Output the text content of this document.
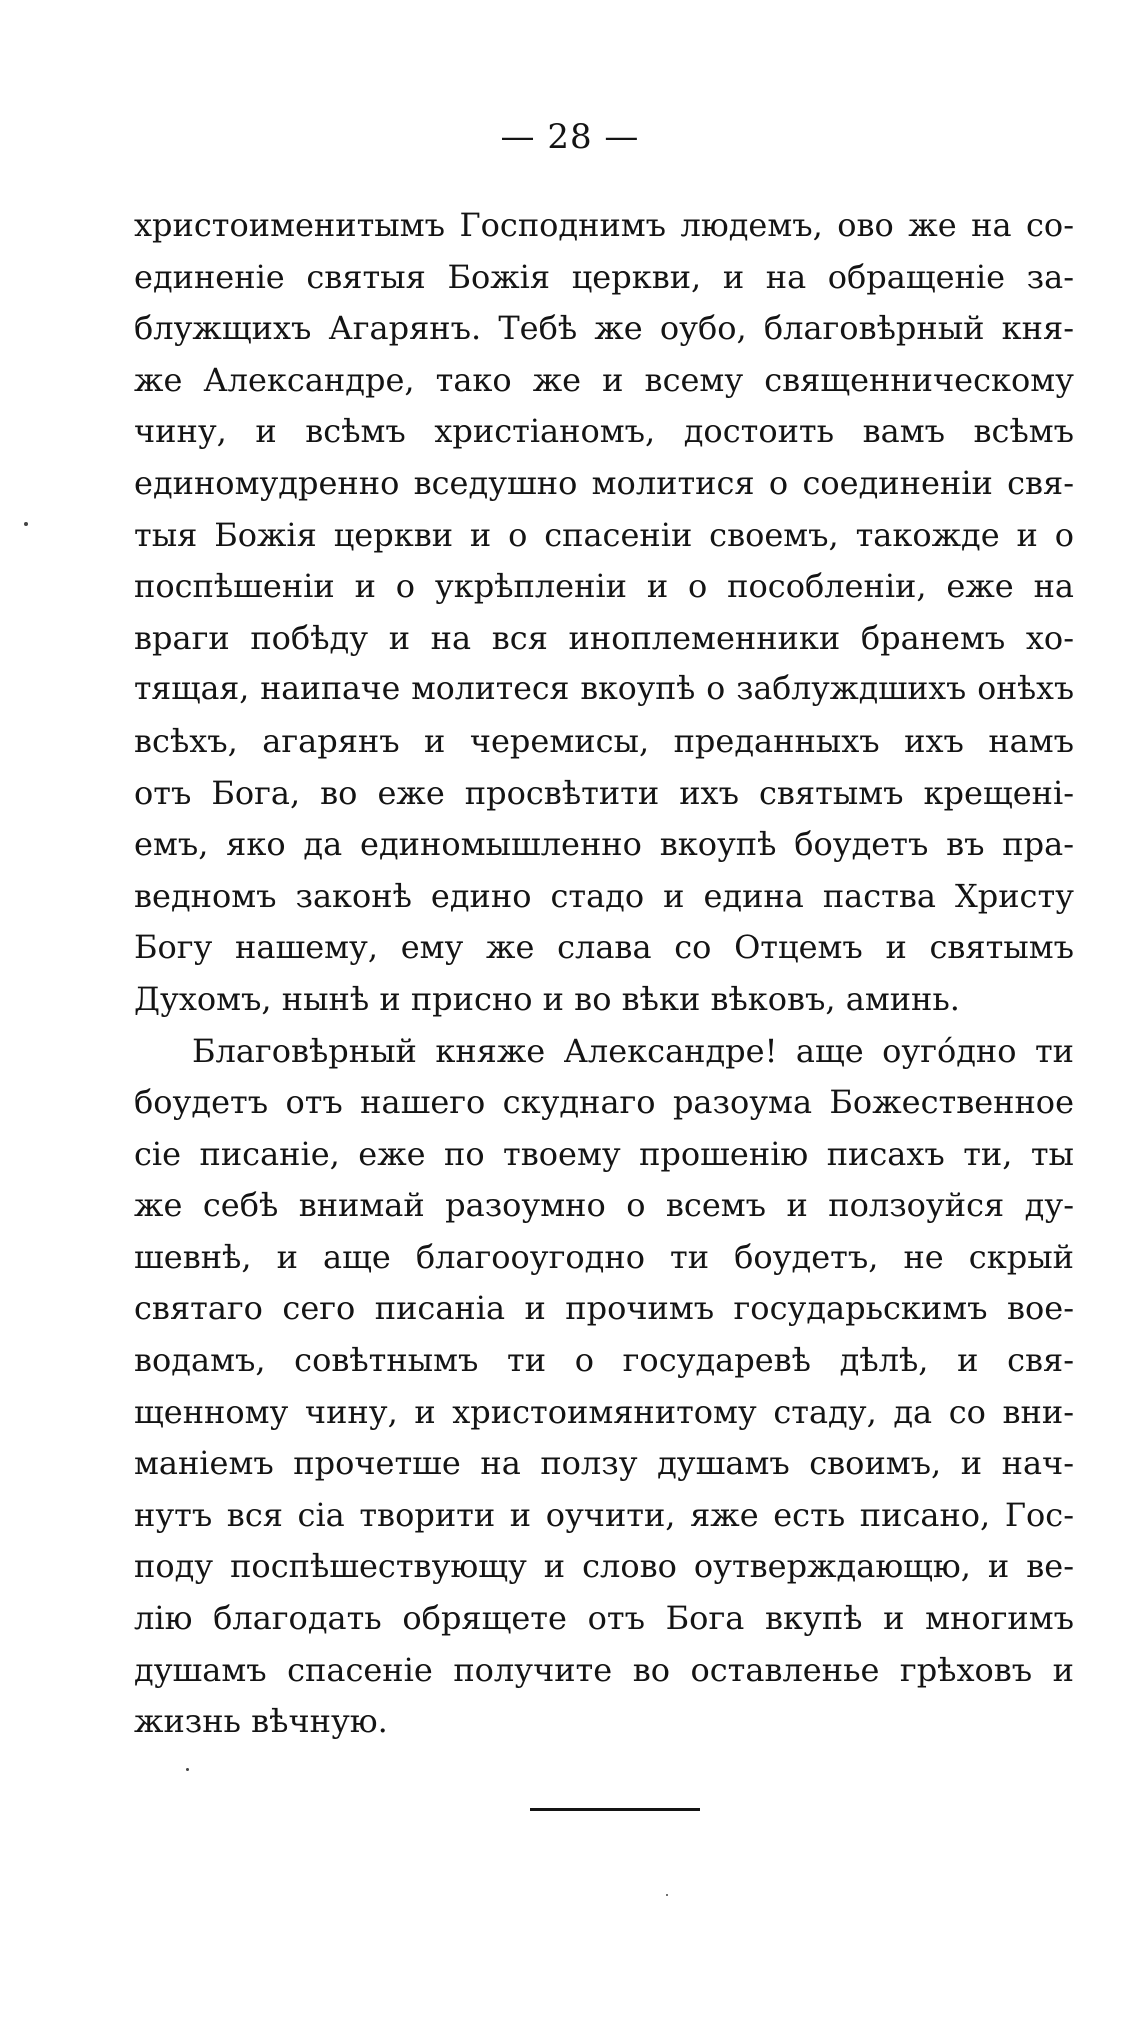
— 28 —
христоименитымъ Господнимъ людемъ, ово же на со-
единеніе святыя Божія церкви, и на обращеніе за-
блужщихъ Агарянъ. Тебѣ же оубо, благовѣрный кня-
же Александре, тако же и всему священническому
чину, и всѣмъ христіаномъ, достоить вамъ всѣмъ
единомудренно вседушно молитися о соединеніи свя-
тыя Божія церкви и о спасеніи своемъ, такожде и о
поспѣшеніи и о укрѣпленіи и о пособленіи, еже на
враги побѣду и на вся иноплеменники бранемъ хо-
тящая, наипаче молитеся вкоупѣ о заблуждшихъ онѣхъ
всѣхъ, агарянъ и черемисы, преданныхъ ихъ намъ
отъ Бога, во еже просвѣтити ихъ святымъ крещені-
емъ, яко да единомышленно вкоупѣ боудетъ въ пра-
ведномъ законѣ едино стадо и едина паства Христу
Богу нашему, ему же слава со Отцемъ и святымъ
Духомъ, нынѣ и присно и во вѣки вѣковъ, аминь.
Благовѣрный княже Александре! аще оуго́дно ти
боудетъ отъ нашего скуднаго разоума Божественное
сіе писаніе, еже по твоему прошенію писахъ ти, ты
же себѣ внимай разоумно о всемъ и ползоуйся ду-
шевнѣ, и аще благооугодно ти боудетъ, не скрый
святаго сего писаніа и прочимъ государьскимъ вое-
водамъ, совѣтнымъ ти о государевѣ дѣлѣ, и свя-
щенному чину, и христоимянитому стаду, да со вни-
маніемъ прочетше на ползу душамъ своимъ, и нач-
нутъ вся сіа творити и оучити, яже есть писано, Гос-
поду поспѣшествующу и слово оутверждающю, и ве-
лію благодать обрящете отъ Бога вкупѣ и многимъ
душамъ спасеніе получите во оставленье грѣховъ и
жизнь вѣчную.
